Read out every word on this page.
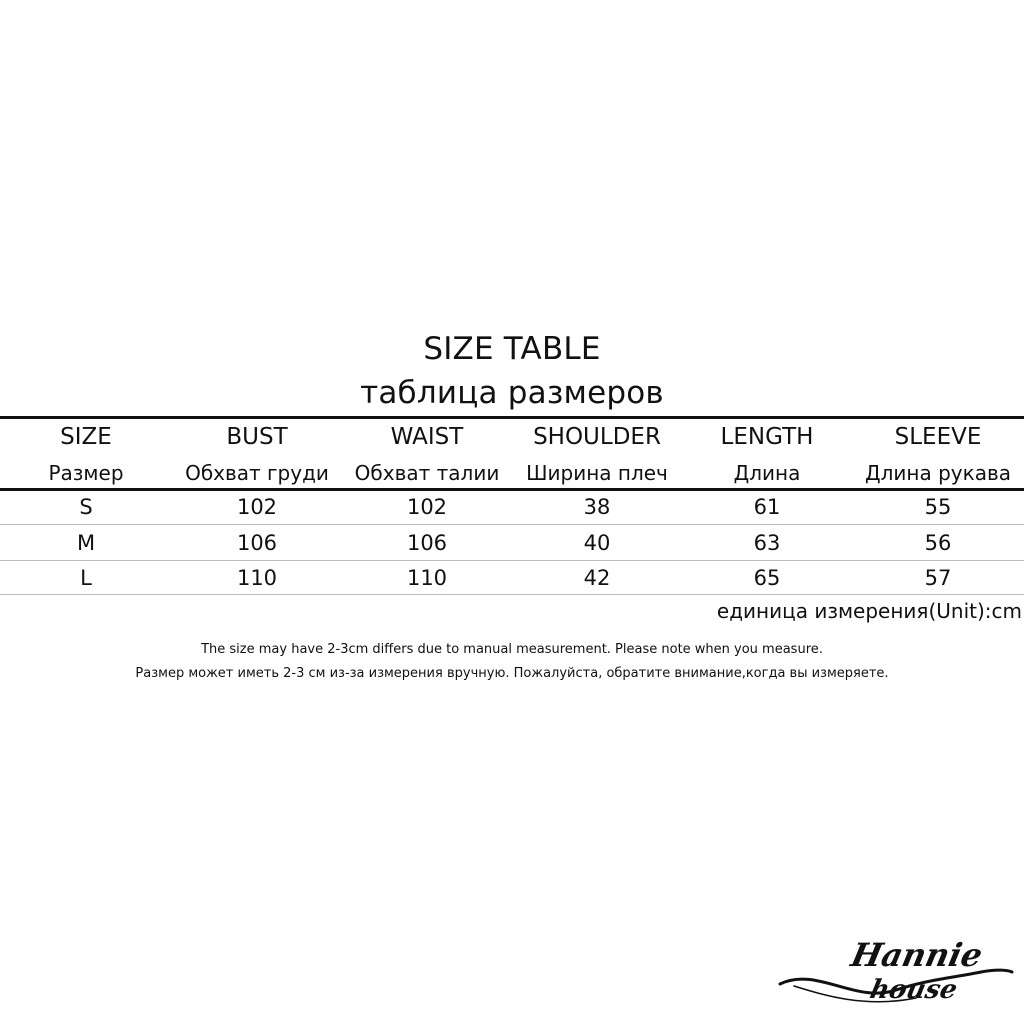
SIZE TABLE
таблица размеров
SIZE	BUST	WAIST	SHOULDER	LENGTH	SLEEVE
Размер	Обхват груди	Обхват талии	Ширина плеч	Длина	Длина рукава
S	102	102	38	61	55
M	106	106	40	63	56
L	110	110	42	65	57
единица измерения(Unit):cm
The size may have 2-3cm differs due to manual measurement. Please note when you measure.
Размер может иметь 2-3 см из-за измерения вручную. Пожалуйста, обратите внимание,когда вы измеряете.
Hannie
house
